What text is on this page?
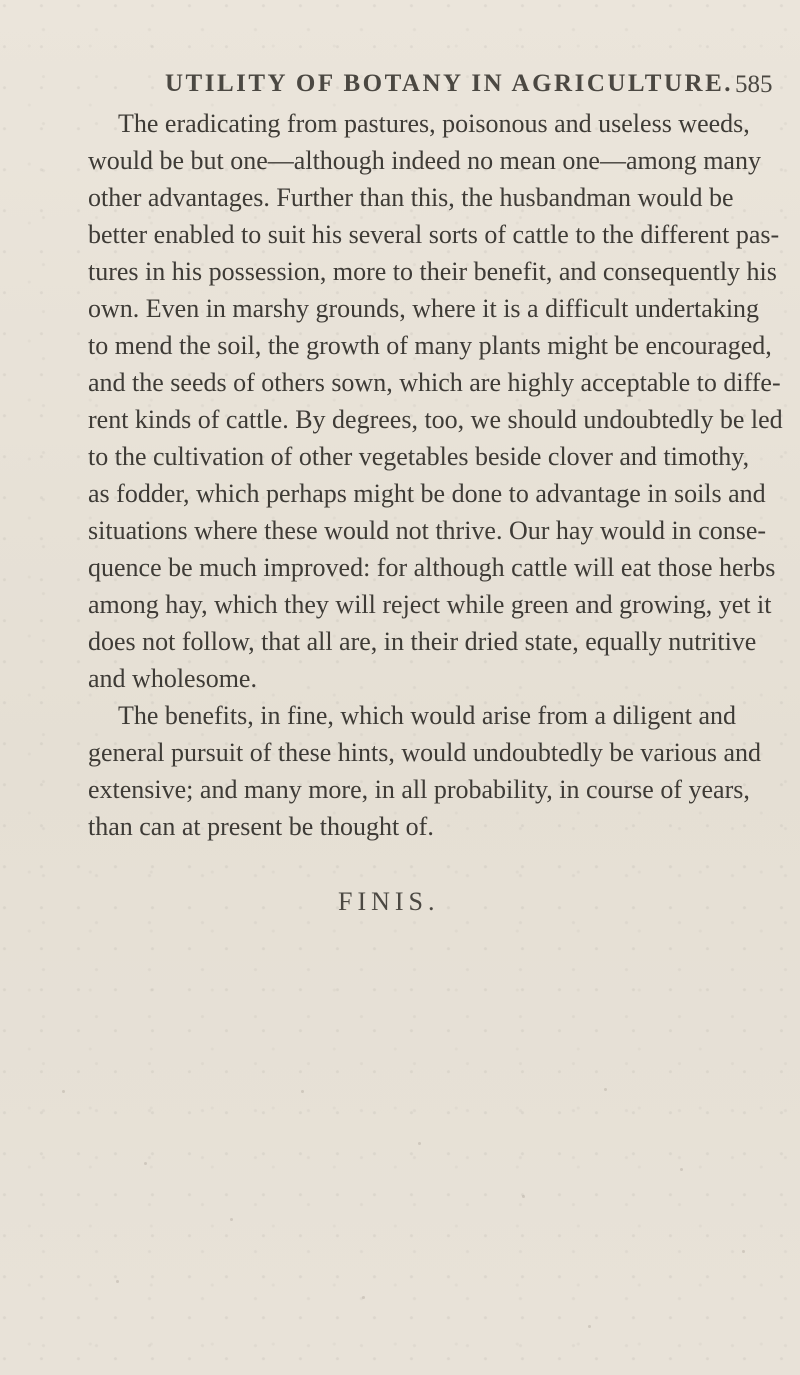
UTILITY OF BOTANY IN AGRICULTURE. 585
The eradicating from pastures, poisonous and useless weeds,
would be but one—although indeed no mean one—among many
other advantages. Further than this, the husbandman would be
better enabled to suit his several sorts of cattle to the different pas-
tures in his possession, more to their benefit, and consequently his
own. Even in marshy grounds, where it is a difficult undertaking
to mend the soil, the growth of many plants might be encouraged,
and the seeds of others sown, which are highly acceptable to diffe-
rent kinds of cattle. By degrees, too, we should undoubtedly be led
to the cultivation of other vegetables beside clover and timothy,
as fodder, which perhaps might be done to advantage in soils and
situations where these would not thrive. Our hay would in conse-
quence be much improved: for although cattle will eat those herbs
among hay, which they will reject while green and growing, yet it
does not follow, that all are, in their dried state, equally nutritive
and wholesome.
The benefits, in fine, which would arise from a diligent and
general pursuit of these hints, would undoubtedly be various and
extensive; and many more, in all probability, in course of years,
than can at present be thought of.
FINIS.
